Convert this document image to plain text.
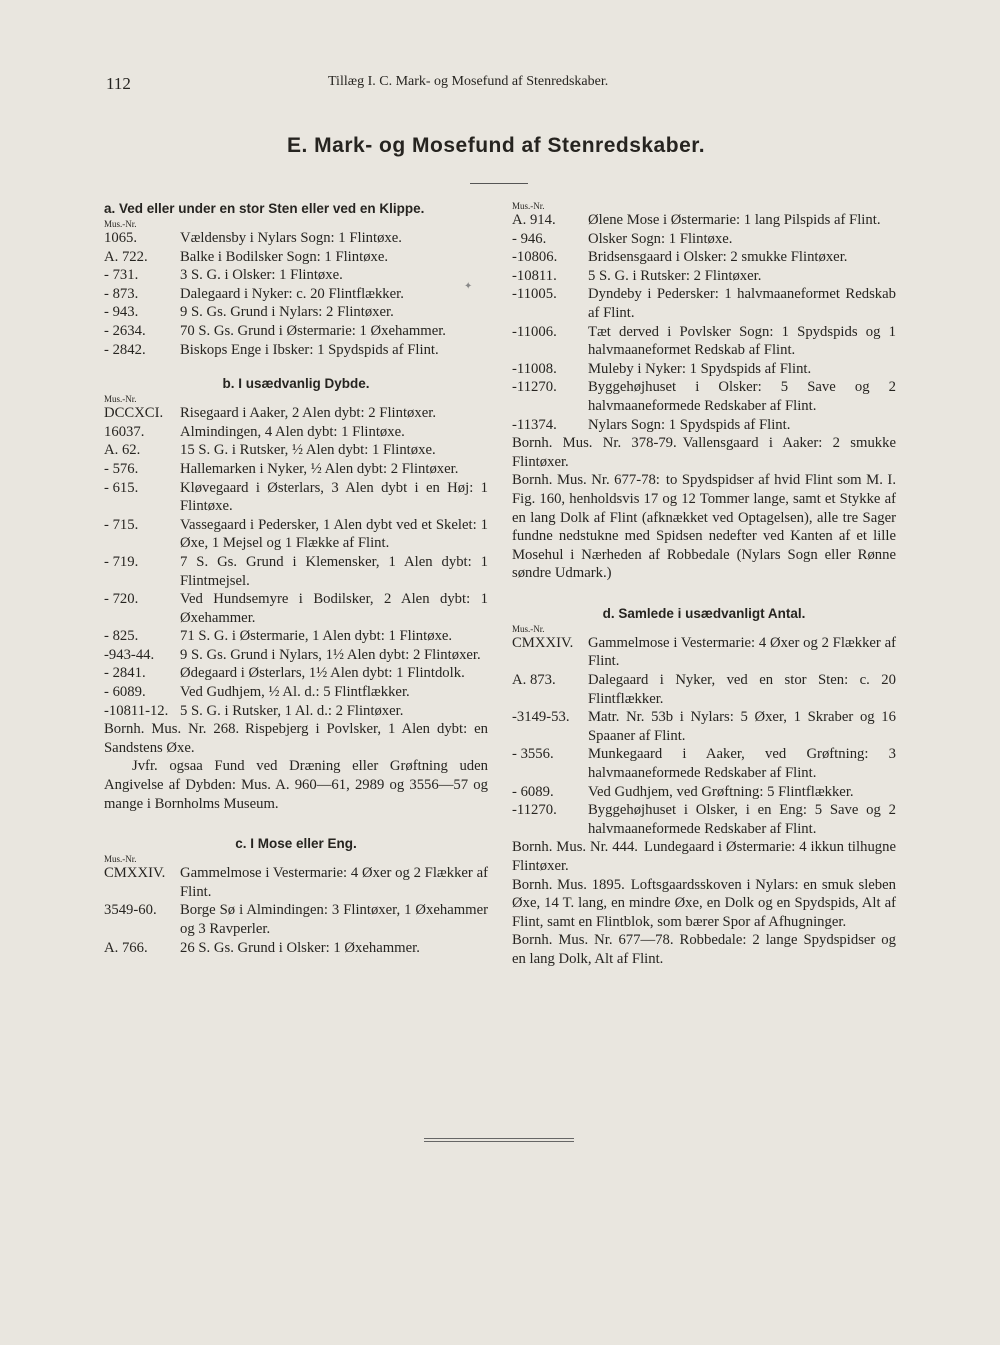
112	Tillæg I. C. Mark- og Mosefund af Stenredskaber.
E. Mark- og Mosefund af Stenredskaber.
✦
a. Ved eller under en stor Sten eller ved en Klippe.
Mus.-Nr.
1065.	Vældensby i Nylars Sogn: 1 Flintøxe.
A. 722.	Balke i Bodilsker Sogn: 1 Flintøxe.
- 731.	3 S. G. i Olsker: 1 Flintøxe.
- 873.	Dalegaard i Nyker: c. 20 Flintflækker.
- 943.	9 S. Gs. Grund i Nylars: 2 Flintøxer.
- 2634.	70 S. Gs. Grund i Østermarie: 1 Øxehammer.
- 2842.	Biskops Enge i Ibsker: 1 Spydspids af Flint.
b. I usædvanlig Dybde.
Mus.-Nr.
DCCXCI.	Risegaard i Aaker, 2 Alen dybt: 2 Flintøxer.
16037.	Almindingen, 4 Alen dybt: 1 Flintøxe.
A. 62.	15 S. G. i Rutsker, ½ Alen dybt: 1 Flintøxe.
- 576.	Hallemarken i Nyker, ½ Alen dybt: 2 Flintøxer.
- 615.	Kløvegaard i Østerlars, 3 Alen dybt i en Høj: 1 Flintøxe.
- 715.	Vassegaard i Pedersker, 1 Alen dybt ved et Skelet: 1 Øxe, 1 Mejsel og 1 Flække af Flint.
- 719.	7 S. Gs. Grund i Klemensker, 1 Alen dybt: 1 Flintmejsel.
- 720.	Ved Hundsemyre i Bodilsker, 2 Alen dybt: 1 Øxehammer.
- 825.	71 S. G. i Østermarie, 1 Alen dybt: 1 Flintøxe.
-943-44.	9 S. Gs. Grund i Nylars, 1½ Alen dybt: 2 Flintøxer.
- 2841.	Ødegaard i Østerlars, 1½ Alen dybt: 1 Flintdolk.
- 6089.	Ved Gudhjem, ½ Al. d.: 5 Flintflækker.
-10811-12. 5 S. G. i Rutsker, 1 Al. d.: 2 Flintøxer.
Bornh. Mus. Nr. 268. Rispebjerg i Povlsker, 1 Alen dybt: en Sandstens Øxe.
Jvfr. ogsaa Fund ved Dræning eller Grøftning uden Angivelse af Dybden: Mus. A. 960—61, 2989 og 3556—57 og mange i Bornholms Museum.
c. I Mose eller Eng.
Mus.-Nr.
CMXXIV. Gammelmose i Vestermarie: 4 Øxer og 2 Flækker af Flint.
3549-60.	Borge Sø i Almindingen: 3 Flintøxer, 1 Øxehammer og 3 Ravperler.
A. 766.	26 S. Gs. Grund i Olsker: 1 Øxehammer.
Mus.-Nr.
A. 914.	Ølene Mose i Østermarie: 1 lang Pilspids af Flint.
- 946.	Olsker Sogn: 1 Flintøxe.
-10806.	Bridsensgaard i Olsker: 2 smukke Flintøxer.
-10811.	5 S. G. i Rutsker: 2 Flintøxer.
-11005.	Dyndeby i Pedersker: 1 halvmaaneformet Redskab af Flint.
-11006.	Tæt derved i Povlsker Sogn: 1 Spydspids og 1 halvmaaneformet Redskab af Flint.
-11008.	Muleby i Nyker: 1 Spydspids af Flint.
-11270.	Byggehøjhuset i Olsker: 5 Save og 2 halvmaaneformede Redskaber af Flint.
-11374.	Nylars Sogn: 1 Spydspids af Flint.
Bornh. Mus. Nr. 378-79. Vallensgaard i Aaker: 2 smukke Flintøxer.
Bornh. Mus. Nr. 677-78: to Spydspidser af hvid Flint som M. I. Fig. 160, henholdsvis 17 og 12 Tommer lange, samt et Stykke af en lang Dolk af Flint (afknækket ved Optagelsen), alle tre Sager fundne nedstukne med Spidsen nedefter ved Kanten af et lille Mosehul i Nærheden af Robbedale (Nylars Sogn eller Rønne søndre Udmark.)
d. Samlede i usædvanligt Antal.
Mus.-Nr.
CMXXIV. Gammelmose i Vestermarie: 4 Øxer og 2 Flækker af Flint.
A. 873.	Dalegaard i Nyker, ved en stor Sten: c. 20 Flintflækker.
-3149-53.	Matr. Nr. 53b i Nylars: 5 Øxer, 1 Skraber og 16 Spaaner af Flint.
- 3556.	Munkegaard i Aaker, ved Grøftning: 3 halvmaaneformede Redskaber af Flint.
- 6089.	Ved Gudhjem, ved Grøftning: 5 Flintflækker.
-11270.	Byggehøjhuset i Olsker, i en Eng: 5 Save og 2 halvmaaneformede Redskaber af Flint.
Bornh. Mus. Nr. 444. Lundegaard i Østermarie: 4 ikkun tilhugne Flintøxer.
Bornh. Mus. 1895. Loftsgaardsskoven i Nylars: en smuk sleben Øxe, 14 T. lang, en mindre Øxe, en Dolk og en Spydspids, Alt af Flint, samt en Flintblok, som bærer Spor af Afhugninger.
Bornh. Mus. Nr. 677—78. Robbedale: 2 lange Spydspidser og en lang Dolk, Alt af Flint.
